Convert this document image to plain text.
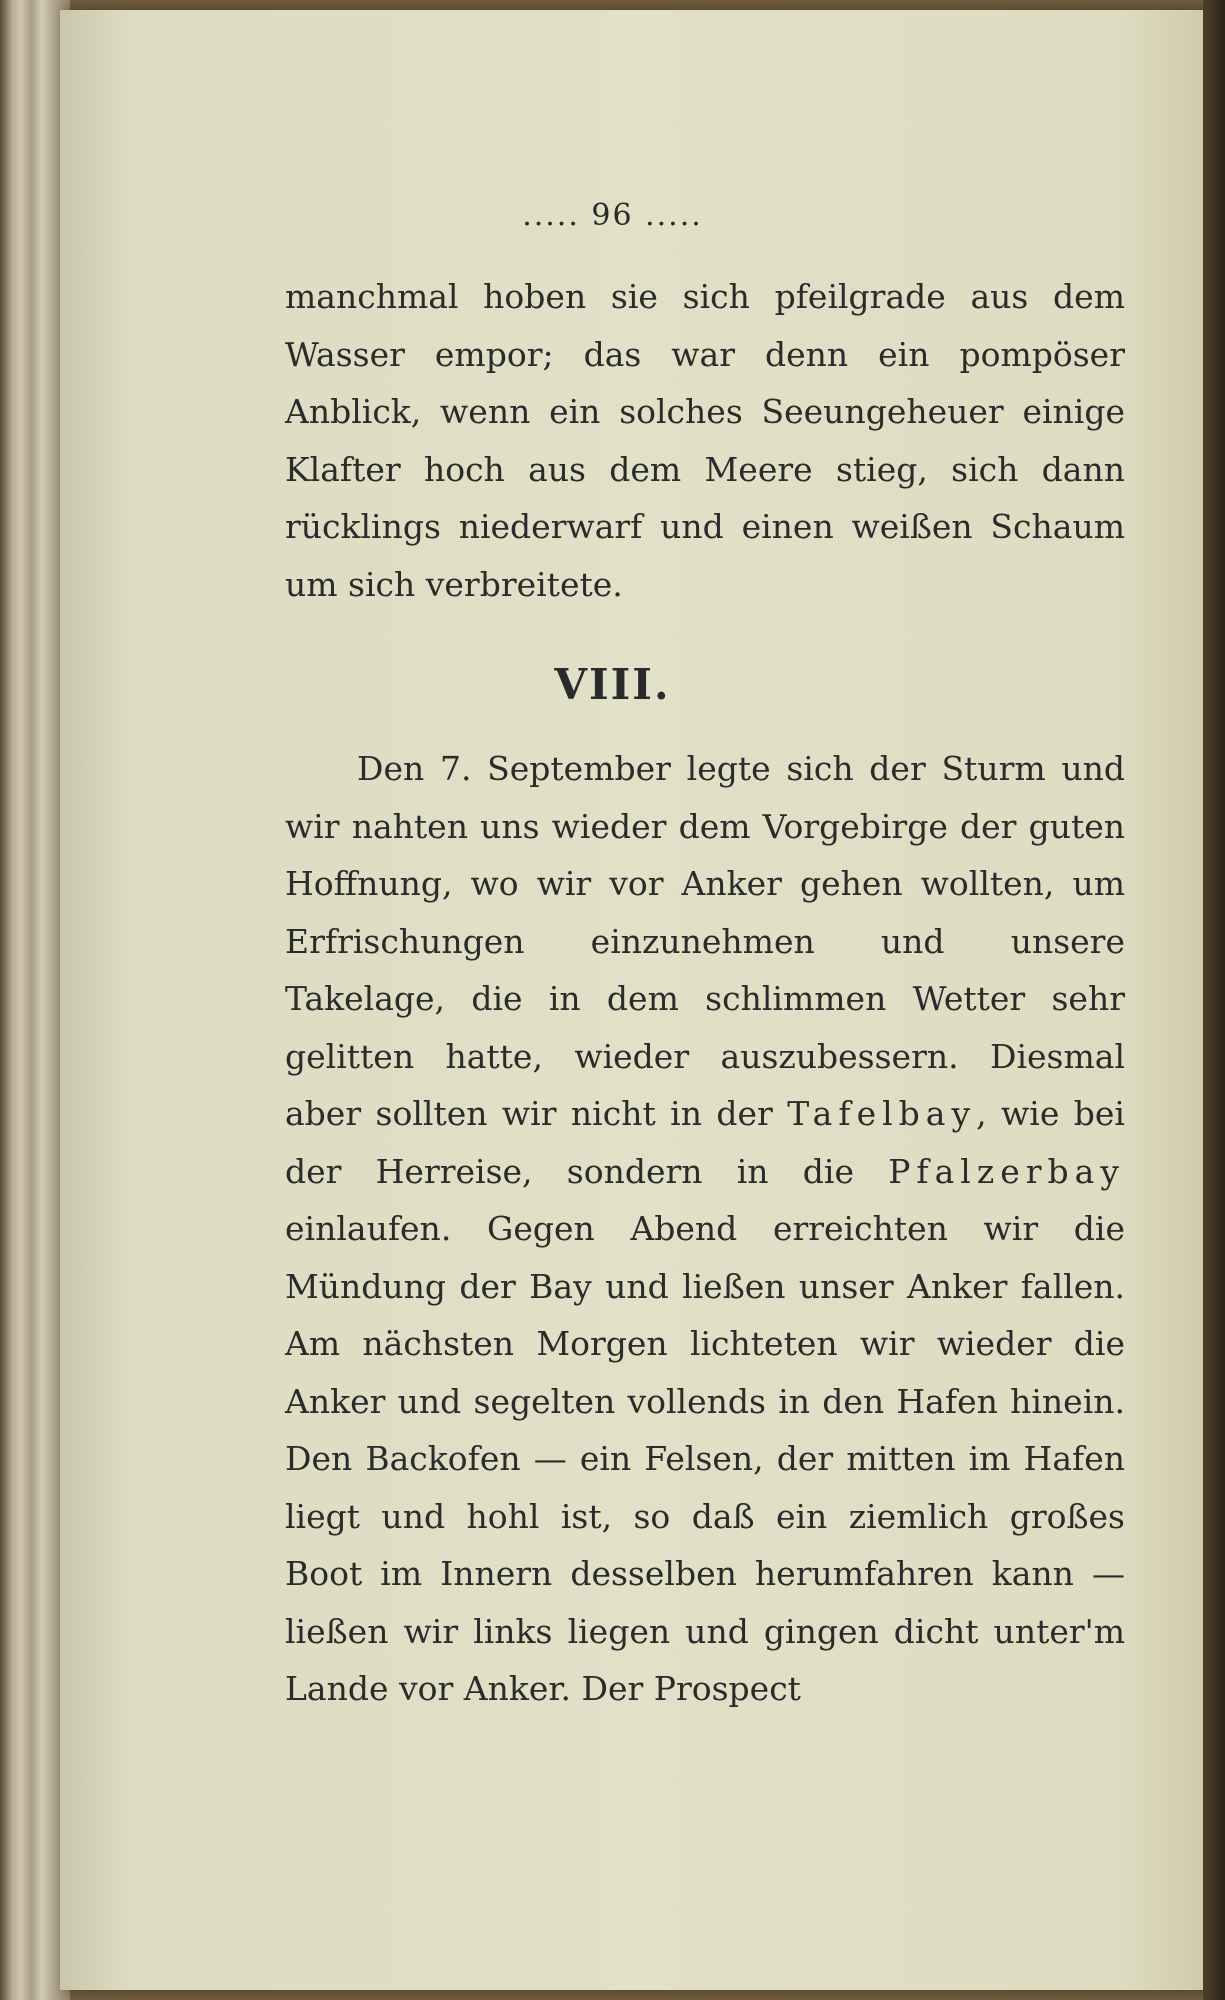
..... 96 .....

manchmal hoben sie sich pfeilgrade aus dem Wasser empor; das war denn ein pompöser Anblick, wenn ein solches Seeungeheuer einige Klafter hoch aus dem Meere stieg, sich dann rücklings niederwarf und einen weißen Schaum um sich verbreitete.

VIII.

Den 7. September legte sich der Sturm und wir nahten uns wieder dem Vorgebirge der guten Hoffnung, wo wir vor Anker gehen wollten, um Erfrischungen einzunehmen und unsere Takelage, die in dem schlimmen Wetter sehr gelitten hatte, wieder auszubessern. Diesmal aber sollten wir nicht in der Tafelbay, wie bei der Herreise, sondern in die Pfalzerbay einlaufen. Gegen Abend erreichten wir die Mündung der Bay und ließen unser Anker fallen. Am nächsten Morgen lichteten wir wieder die Anker und segelten vollends in den Hafen hinein. Den Backofen — ein Felsen, der mitten im Hafen liegt und hohl ist, so daß ein ziemlich großes Boot im Innern desselben herumfahren kann — ließen wir links liegen und gingen dicht unter'm Lande vor Anker. Der Prospect
